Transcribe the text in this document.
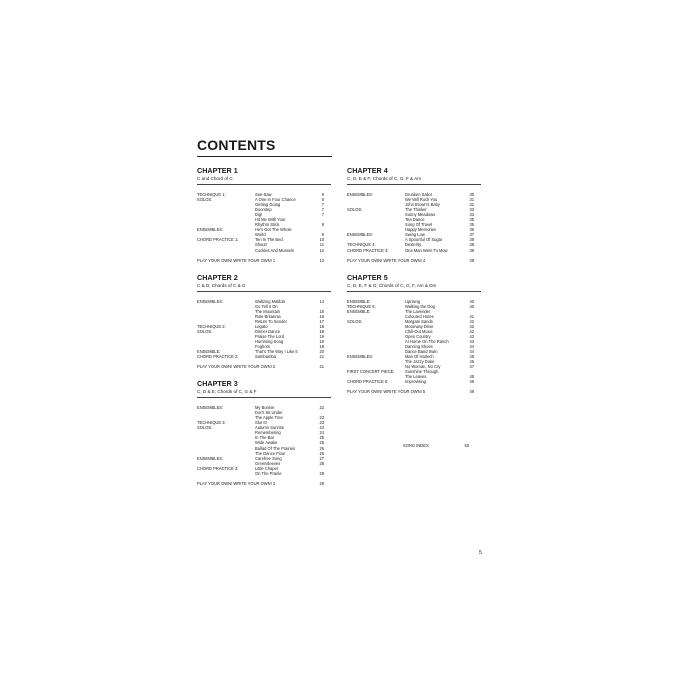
CONTENTS
CHAPTER 1
C and Chord of C
TECHNIQUE 1:	See-Saw	6
SOLOS:	A One In Four Chance	6
Getting Going	7
Doorstep	7
Dig!	7
Hit Me With Your
Rhythm Stick	8
ENSEMBLES:	He's Got The Whole
World	9
CHORD PRACTICE 1:	Ten In The Bed	10
Shout!	11
Cockles And Mussels	12
PLAY YOUR OWN! WRITE YOUR OWN! 1	13
CHAPTER 2
C & D; Chords of C & G
ENSEMBLES:	Waltzing Matilda	14
Go Tell It On
The Mountain	15
Rule Britannia	16
Return To Sender	17
TECHNIQUE 2:	Legato	18
SOLOS:	Dinner Dance	18
Praise The Lord	19
Humming Song	19
Foghorn	19
ENSEMBLE:	That's The Way I Like It	20
CHORD PRACTICE 2:	Sambamba	21
PLAY YOUR OWN! WRITE YOUR OWN! 2	21
CHAPTER 3
C, D & E; Chords of C, G & F
ENSEMBLES:	My Bonnie	22
Don't Sit Under
The Apple Tree	23
TECHNIQUE 3:	Slur It!	23
SOLOS:	Autumn Sunrise	24
Remembering	24
In The Bar	25
Wide Awake	25
Ballad Of The Prairies	26
The Dance Floor	26
ENSEMBLES:	Carefree Song	27
Greensleeves	28
CHORD PRACTICE 3:	Little Chapel
On The Prairie	29
PLAY YOUR OWN! WRITE YOUR OWN! 3	29
CHAPTER 4
C, D, E & F; Chords of C, G, F & Am
ENSEMBLES:	Drunken Sailor	30
We Will Rock You	31
John Brown's Baby	32
SOLOS:	The Thinker	33
Sunny Meadows	33
Tea Dance	35
Song Of Travel	35
Happy Memories	36
ENSEMBLES:	Swing Low	37
A Spoonful Of Sugar	38
TECHNIQUE 4:	Dexterity	38
CHORD PRACTICE 4:	One Man Went To Mow	39
PLAY YOUR OWN! WRITE YOUR OWN! 4	39
CHAPTER 5
C, D, E, F & G; Chords of C, G, F, Am & Dm
ENSEMBLE:	Uprising	40
TECHNIQUE 5:	Walking the Dog	40
ENSEMBLE:	The Lavender
Coloured Hores	41
SOLOS:	Margate Sands	42
Motorway Drive	42
Chill-Out Music	42
Open Country	43
At Home On The Ranch	43
Dancing Shoes	44
Dance Band Swin	44
ENSEMBLES:	Man Of Harlech	45
The Jazzy Duke	46
No Woman, No Cry	47
FIRST CONCERT PIECE:	Sunshine Through
The Leaves	48
CHORD PRACTICE 5:	Improvising	49
PLAY YOUR OWN! WRITE YOUR OWN! 5	49
SONG INDEX	50
5
